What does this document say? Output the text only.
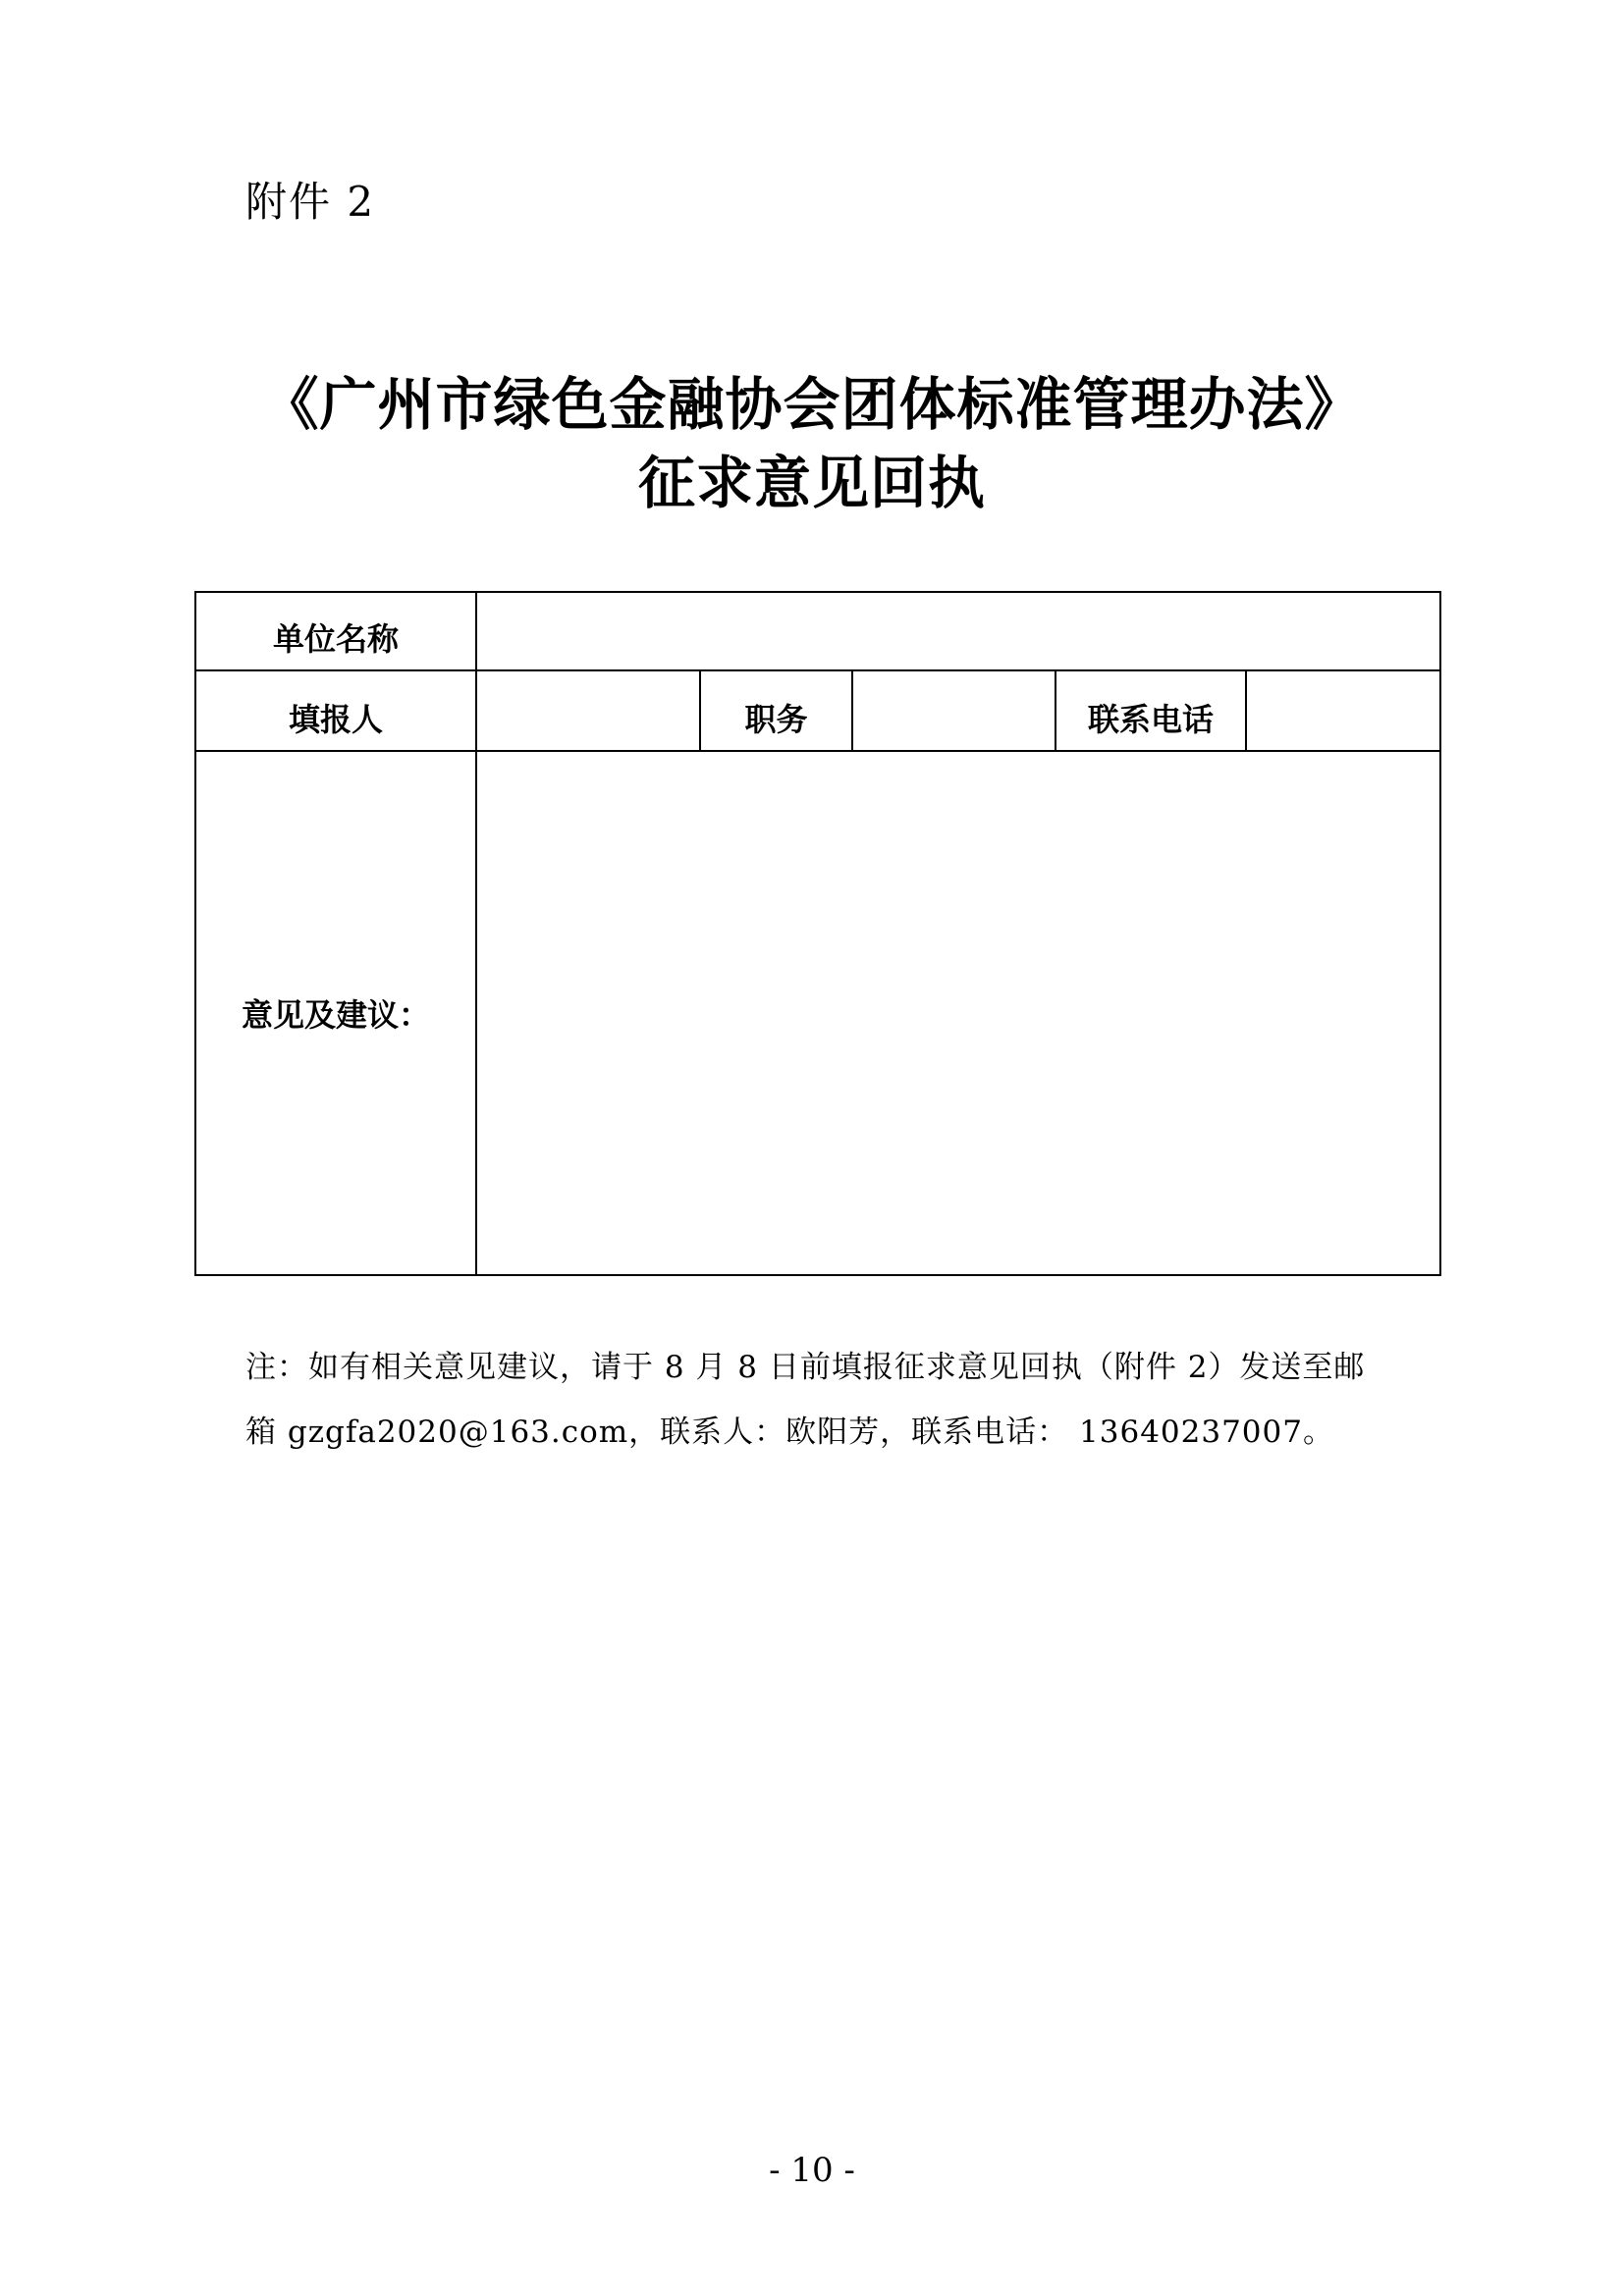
附件 2
《广州市绿色金融协会团体标准管理办法》
征求意见回执
单位名称					
填报人		职务		联系电话	
意见及建议：					

注：如有相关意见建议，请于 8 月 8 日前填报征求意见回执（附件 2）发送至邮

箱 gzgfa2020@163.com，联系人：欧阳芳，联系电话： 13640237007。

- 10 -
